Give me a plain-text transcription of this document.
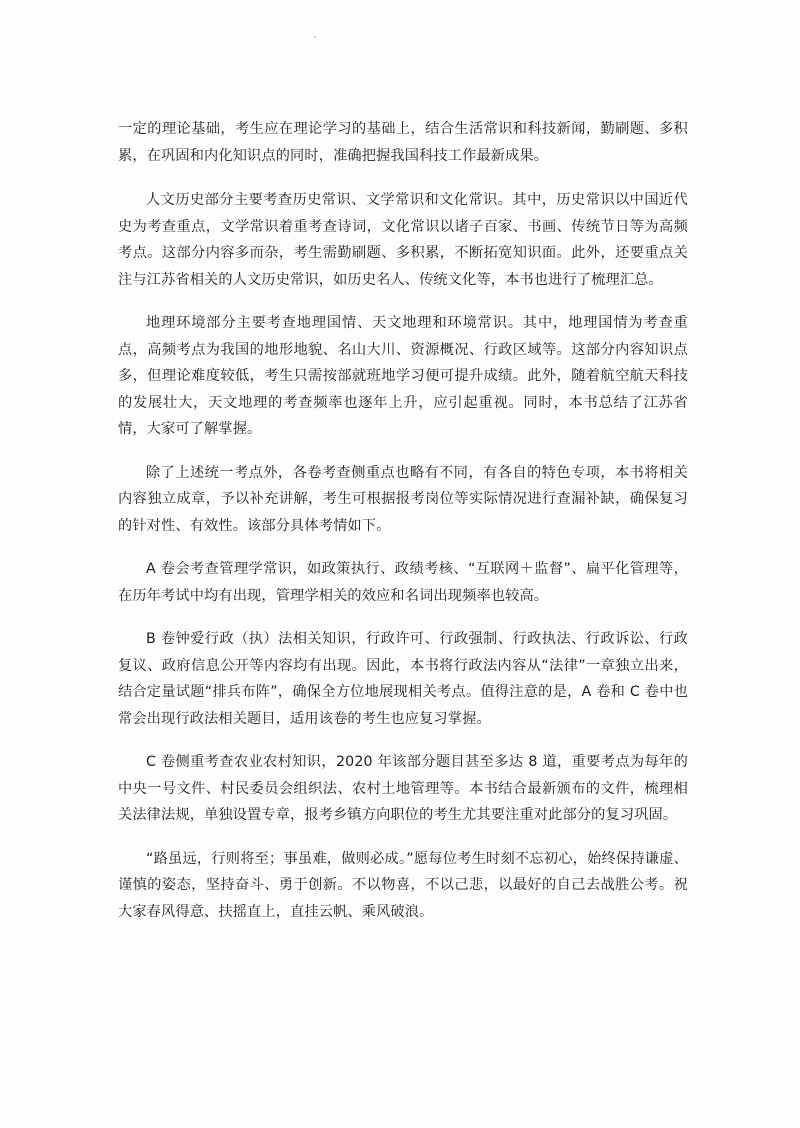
一定的理论基础，考生应在理论学习的基础上，结合生活常识和科技新闻，勤刷题、多积累，在巩固和内化知识点的同时，准确把握我国科技工作最新成果。

人文历史部分主要考查历史常识、文学常识和文化常识。其中，历史常识以中国近代史为考查重点，文学常识着重考查诗词，文化常识以诸子百家、书画、传统节日等为高频考点。这部分内容多而杂，考生需勤刷题、多积累，不断拓宽知识面。此外，还要重点关注与江苏省相关的人文历史常识，如历史名人、传统文化等，本书也进行了梳理汇总。

地理环境部分主要考查地理国情、天文地理和环境常识。其中，地理国情为考查重点，高频考点为我国的地形地貌、名山大川、资源概况、行政区域等。这部分内容知识点多，但理论难度较低，考生只需按部就班地学习便可提升成绩。此外，随着航空航天科技的发展壮大，天文地理的考查频率也逐年上升，应引起重视。同时，本书总结了江苏省情，大家可了解掌握。

除了上述统一考点外，各卷考查侧重点也略有不同，有各自的特色专项，本书将相关内容独立成章，予以补充讲解，考生可根据报考岗位等实际情况进行查漏补缺，确保复习的针对性、有效性。该部分具体考情如下。

A 卷会考查管理学常识，如政策执行、政绩考核、“互联网＋监督”、扁平化管理等，在历年考试中均有出现，管理学相关的效应和名词出现频率也较高。

B 卷钟爱行政（执）法相关知识，行政许可、行政强制、行政执法、行政诉讼、行政复议、政府信息公开等内容均有出现。因此，本书将行政法内容从“法律”一章独立出来，结合定量试题“排兵布阵”，确保全方位地展现相关考点。值得注意的是，A 卷和 C 卷中也常会出现行政法相关题目，适用该卷的考生也应复习掌握。

C 卷侧重考查农业农村知识，2020 年该部分题目甚至多达 8 道，重要考点为每年的中央一号文件、村民委员会组织法、农村土地管理等。本书结合最新颁布的文件，梳理相关法律法规，单独设置专章，报考乡镇方向职位的考生尤其要注重对此部分的复习巩固。

“路虽远，行则将至；事虽难，做则必成。”愿每位考生时刻不忘初心，始终保持谦虚、谨慎的姿态，坚持奋斗、勇于创新。不以物喜，不以己悲，以最好的自己去战胜公考。祝大家春风得意、扶摇直上，直挂云帆、乘风破浪。
